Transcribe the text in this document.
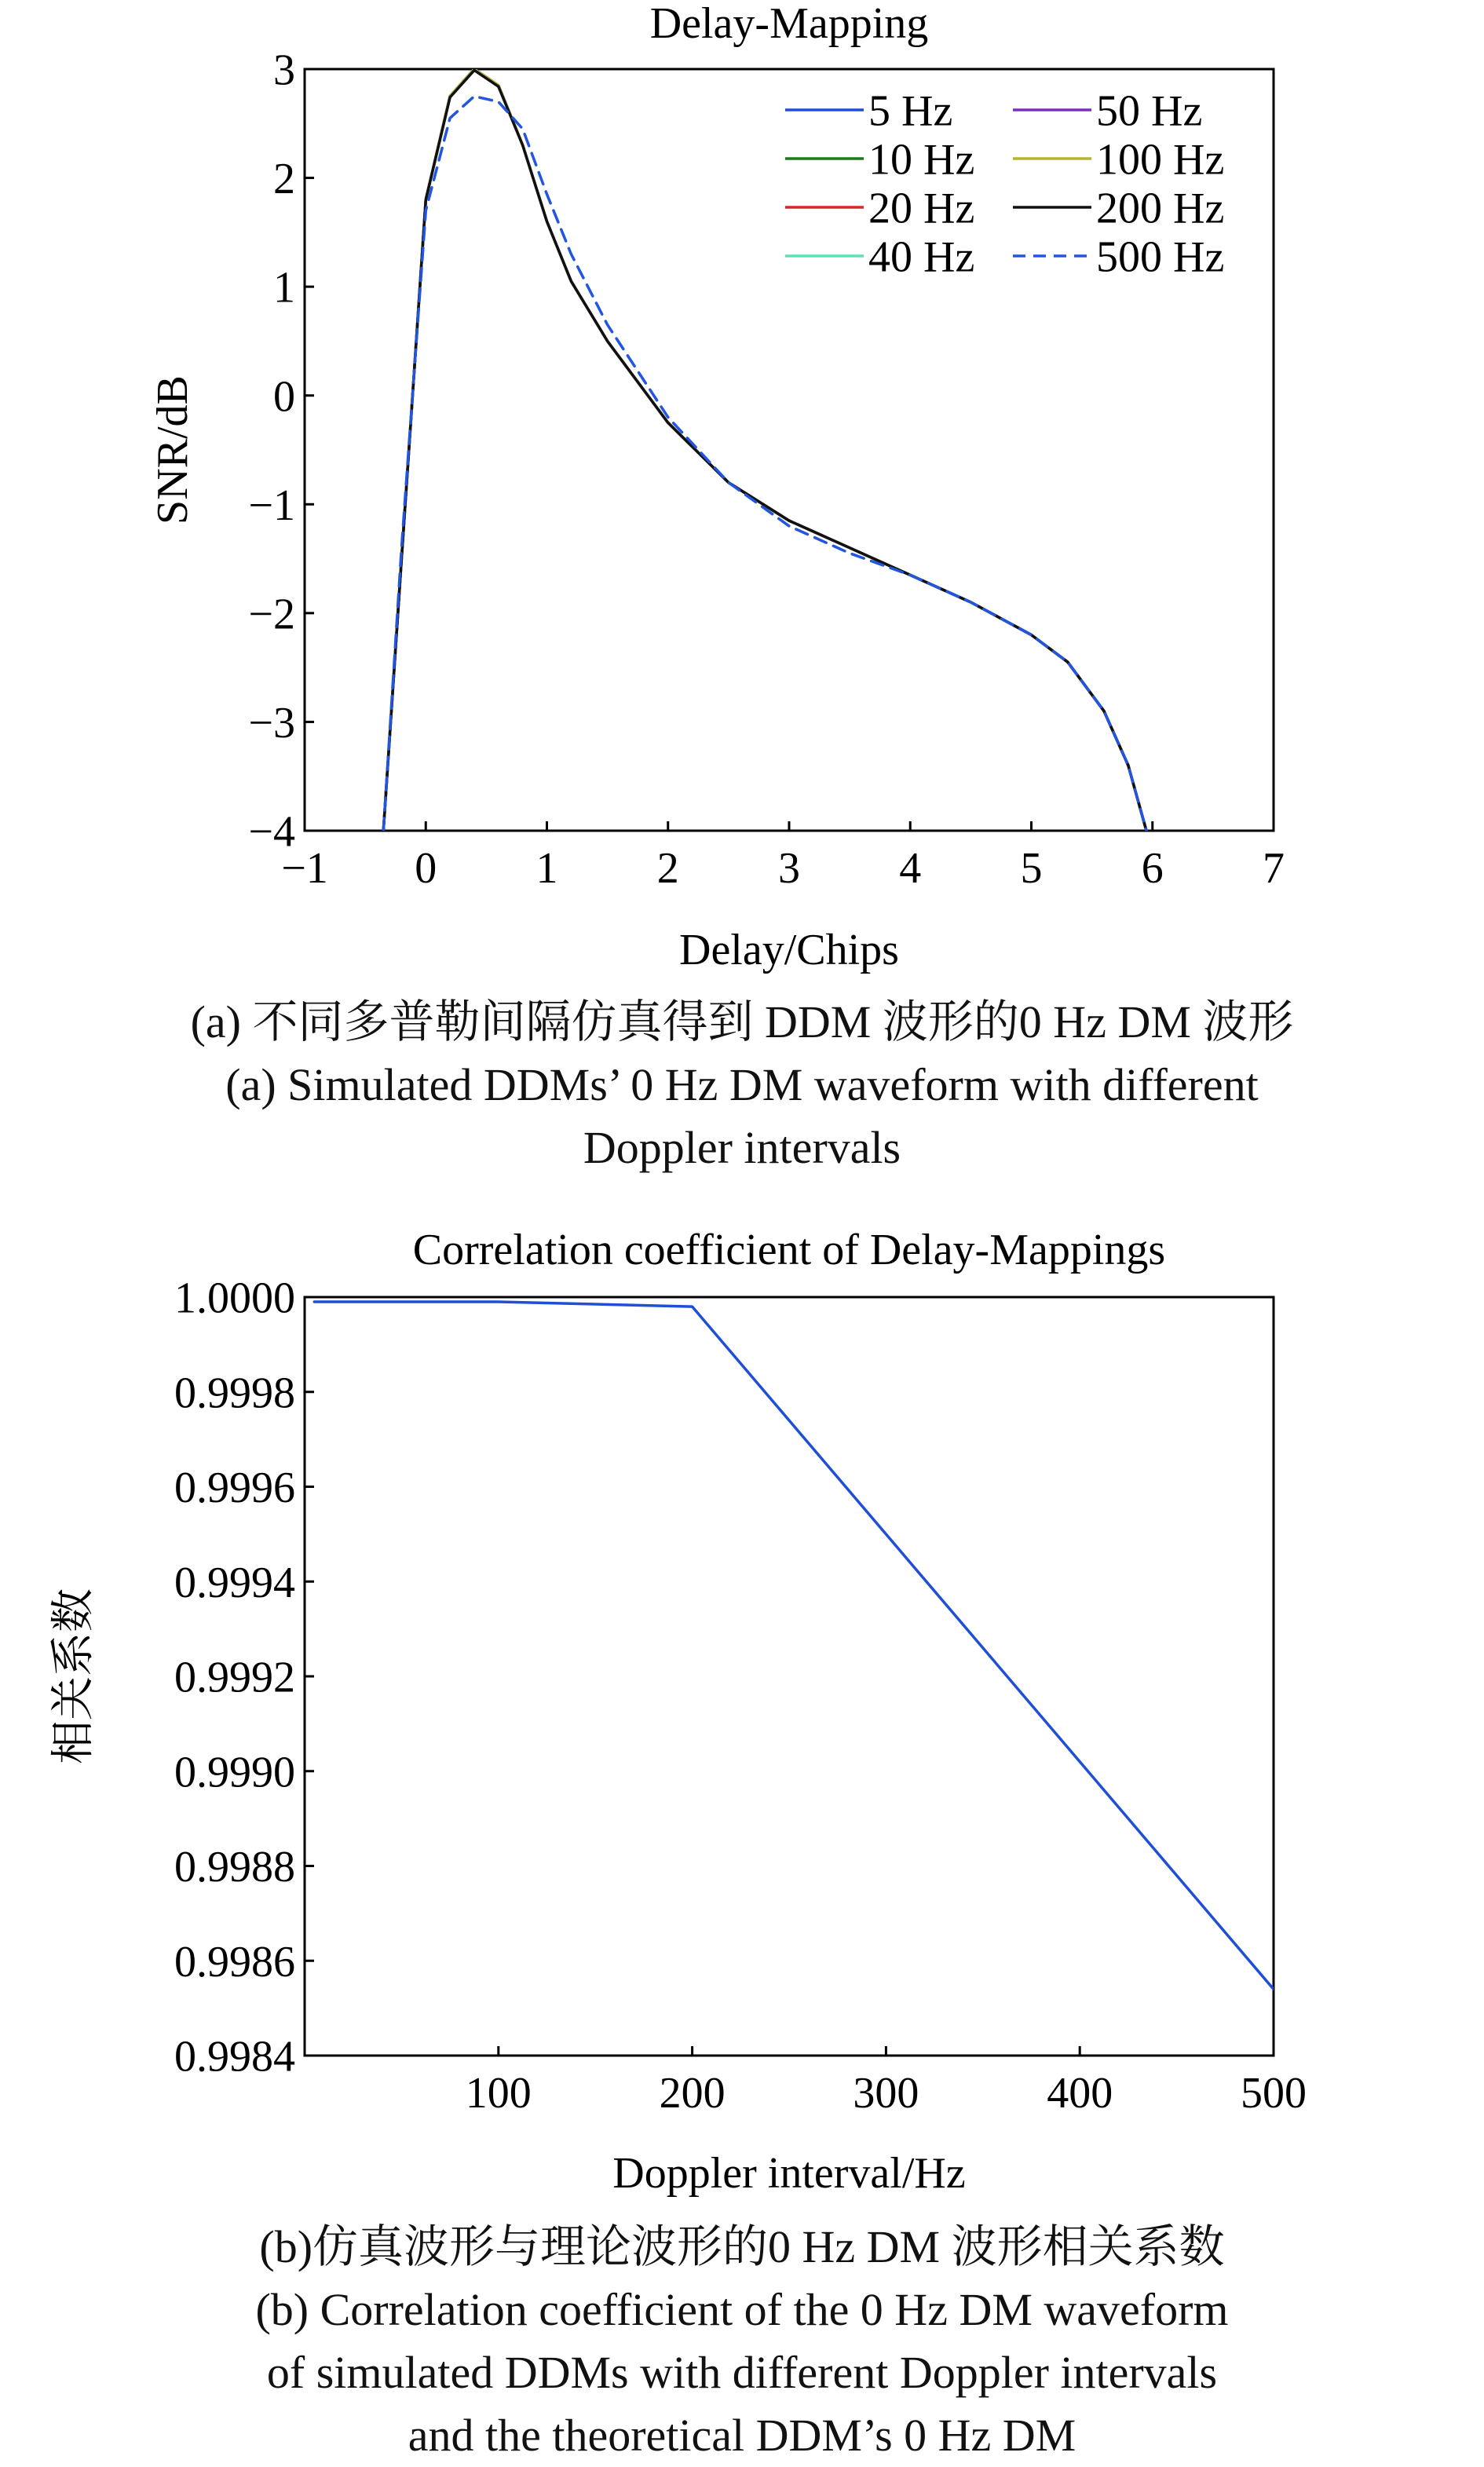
Delay-Mapping
−1 0 1 2 3 4 5 6 7
−4
−3
−2
−1
0
1
2
3
Delay/Chips
SNR/dB
5 Hz
10 Hz
20 Hz
40 Hz
50 Hz
100 Hz
200 Hz
500 Hz
Correlation coefficient of Delay-Mappings
100	200	300	400	500
0.9984
0.9986
0.9988
0.9990
0.9992
0.9994
0.9996
0.9998
1.0000
Doppler interval/Hz
相关系数
(a) 不同多普勒间隔仿真得到 DDM 波形的0 Hz DM 波形
(a) Simulated DDMs’ 0 Hz DM waveform with different
Doppler intervals
(b)仿真波形与理论波形的0 Hz DM 波形相关系数
(b) Correlation coefficient of the 0 Hz DM waveform
of simulated DDMs with different Doppler intervals
and the theoretical DDM’s 0 Hz DM
